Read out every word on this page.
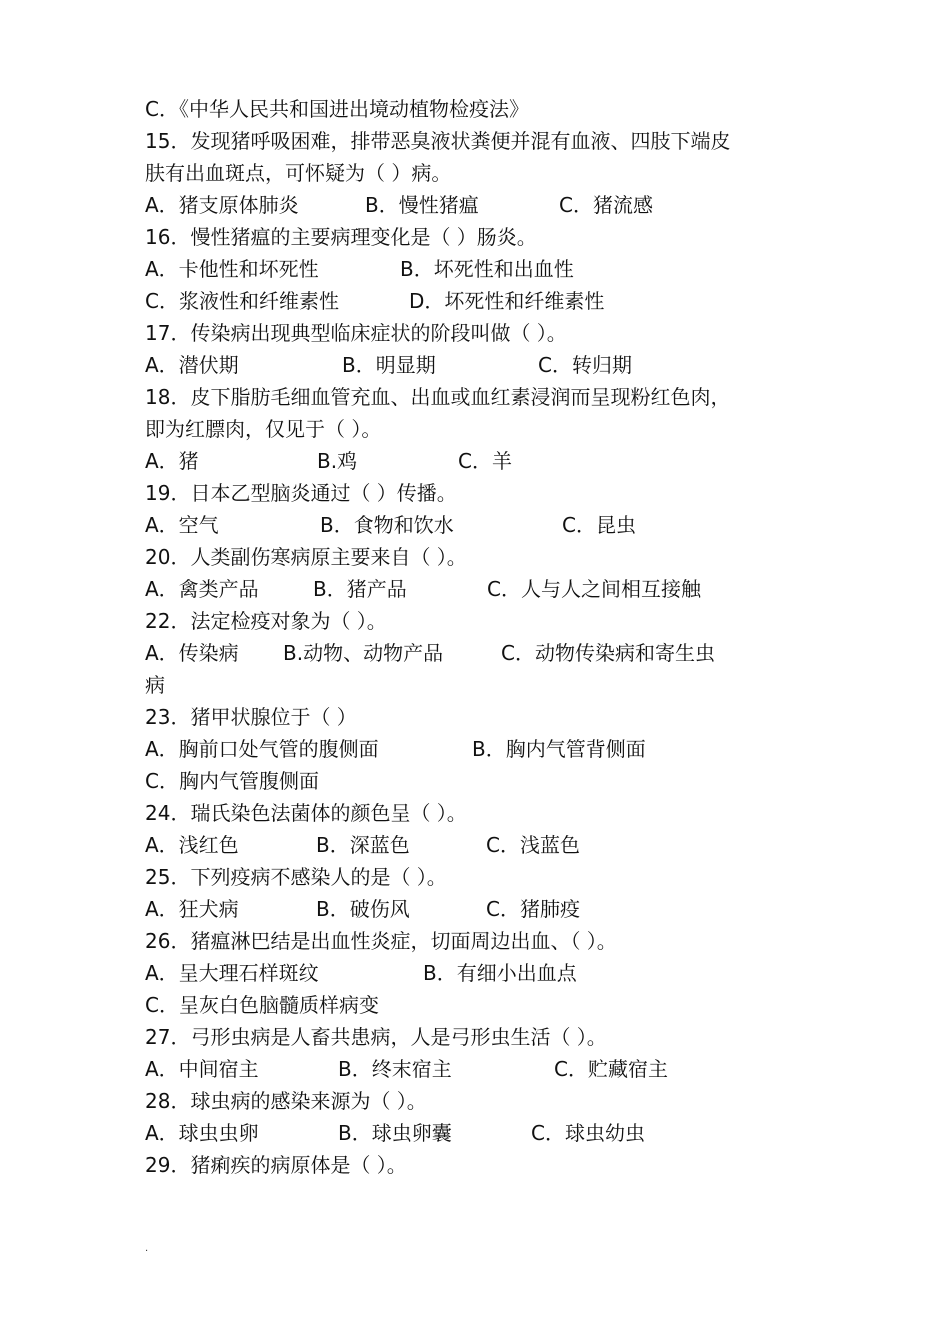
C．《中华人民共和国进出境动植物检疫法》
15．发现猪呼吸困难，排带恶臭液状粪便并混有血液、四肢下端皮
肤有出血斑点，可怀疑为（ ）病。
A．猪支原体肺炎	B．慢性猪瘟	C．猪流感
16．慢性猪瘟的主要病理变化是（ ）肠炎。
A．卡他性和坏死性	B．坏死性和出血性
C．浆液性和纤维素性	D．坏死性和纤维素性
17．传染病出现典型临床症状的阶段叫做（ ）。
A．潜伏期	B．明显期	C．转归期
18．皮下脂肪毛细血管充血、出血或血红素浸润而呈现粉红色肉，
即为红膘肉，仅见于（ ）。
A．猪	B.鸡	C．羊
19．日本乙型脑炎通过（ ）传播。
A．空气	B．食物和饮水	C．昆虫
20．人类副伤寒病原主要来自（ ）。
A．禽类产品	B．猪产品	C．人与人之间相互接触
22．法定检疫对象为（ ）。
A．传染病 B.动物、动物产品	C．动物传染病和寄生虫
病
23．猪甲状腺位于（ ）
A．胸前口处气管的腹侧面	B．胸内气管背侧面
C．胸内气管腹侧面
24．瑞氏染色法菌体的颜色呈（ ）。
A．浅红色	B．深蓝色	C．浅蓝色
25．下列疫病不感染人的是（ ）。
A．狂犬病	B．破伤风	C．猪肺疫
26．猪瘟淋巴结是出血性炎症，切面周边出血、（ ）。
A．呈大理石样斑纹	B．有细小出血点
C．呈灰白色脑髓质样病变
27．弓形虫病是人畜共患病，人是弓形虫生活（ ）。
A．中间宿主	B．终末宿主	C．贮藏宿主
28．球虫病的感染来源为（ ）。
A．球虫虫卵	B．球虫卵囊	C．球虫幼虫
29．猪痢疾的病原体是（ ）。
.
